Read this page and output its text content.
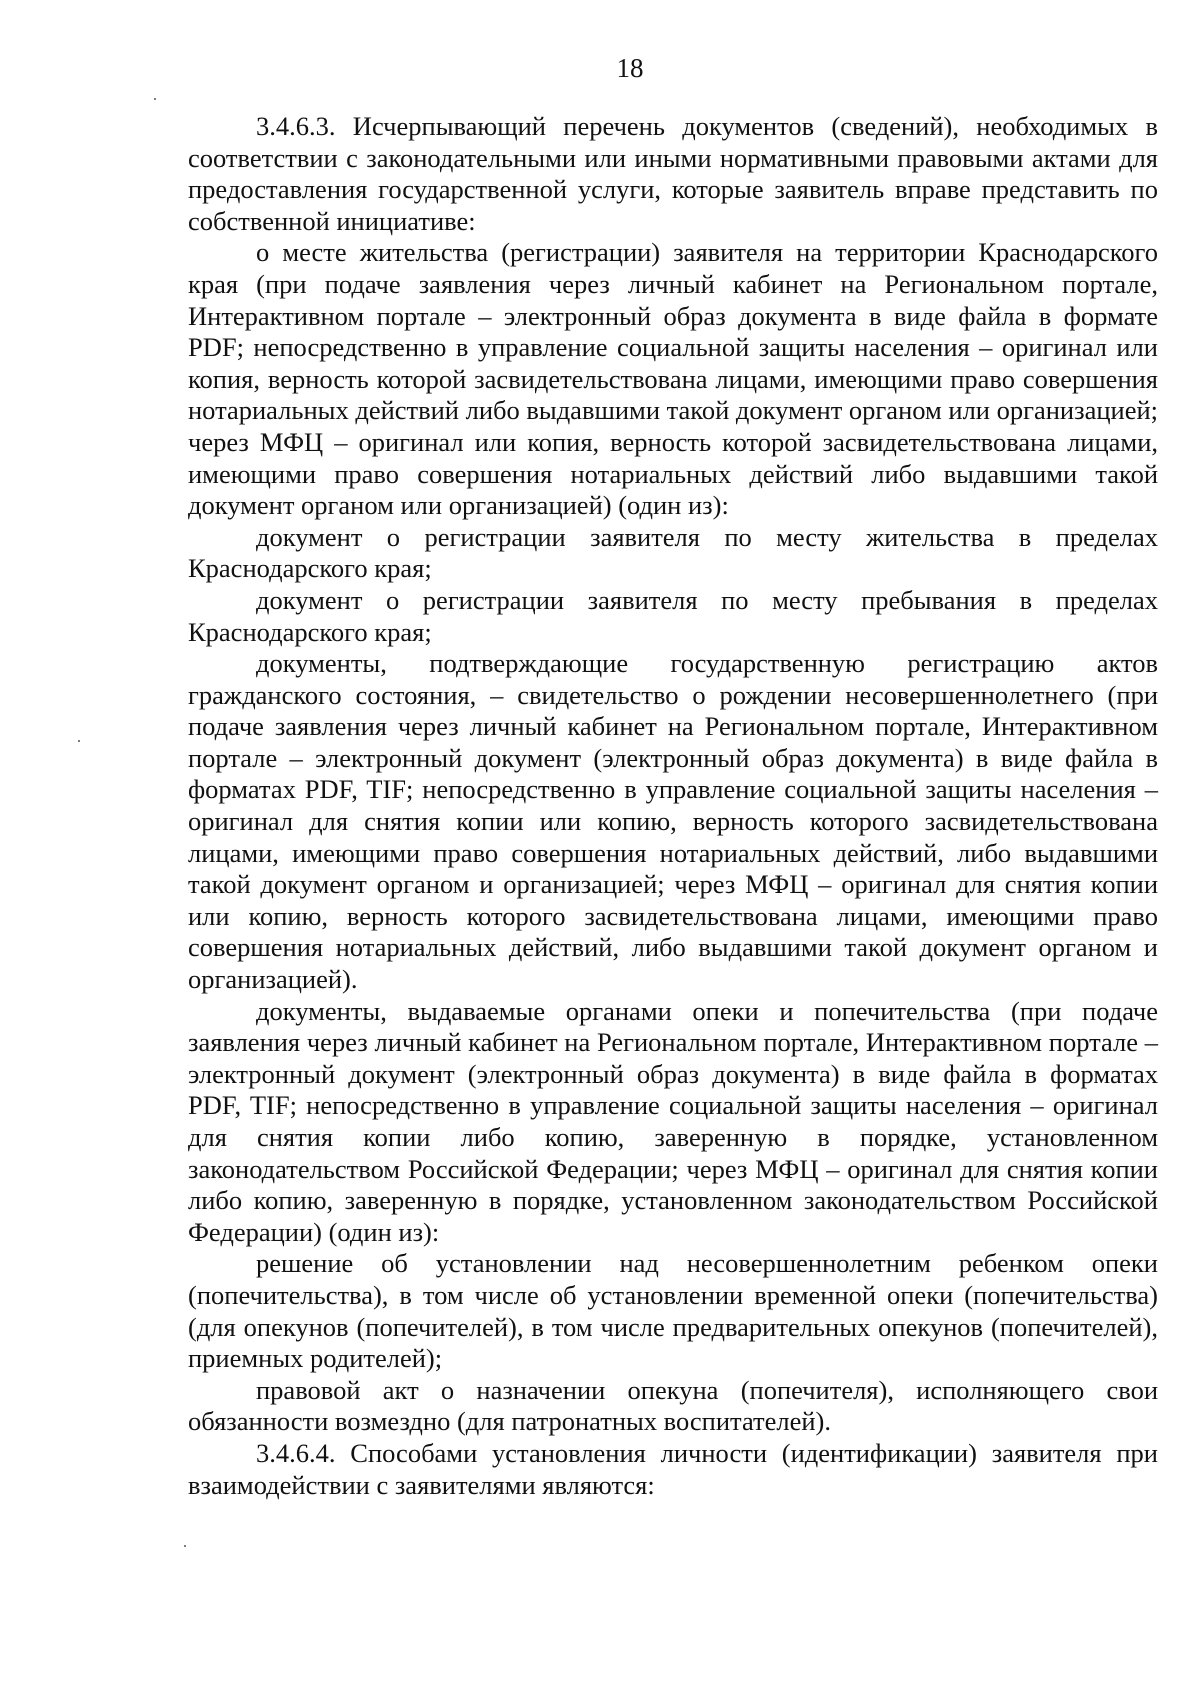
18

3.4.6.3. Исчерпывающий перечень документов (сведений), необходимых в соответствии с законодательными или иными нормативными правовыми актами для предоставления государственной услуги, которые заявитель вправе представить по собственной инициативе:

о месте жительства (регистрации) заявителя на территории Краснодарского края (при подаче заявления через личный кабинет на Региональном портале, Интерактивном портале – электронный образ документа в виде файла в формате PDF; непосредственно в управление социальной защиты населения – оригинал или копия, верность которой засвидетельствована лицами, имеющими право совершения нотариальных действий либо выдавшими такой документ органом или организацией; через МФЦ – оригинал или копия, верность которой засвидетельствована лицами, имеющими право совершения нотариальных действий либо выдавшими такой документ органом или организацией) (один из):

документ о регистрации заявителя по месту жительства в пределах Краснодарского края;

документ о регистрации заявителя по месту пребывания в пределах Краснодарского края;

документы, подтверждающие государственную регистрацию актов гражданского состояния, – свидетельство о рождении несовершеннолетнего (при подаче заявления через личный кабинет на Региональном портале, Интерактивном портале – электронный документ (электронный образ документа) в виде файла в форматах PDF, TIF; непосредственно в управление социальной защиты населения – оригинал для снятия копии или копию, верность которого засвидетельствована лицами, имеющими право совершения нотариальных действий, либо выдавшими такой документ органом и организацией; через МФЦ – оригинал для снятия копии или копию, верность которого засвидетельствована лицами, имеющими право совершения нотариальных действий, либо выдавшими такой документ органом и организацией).

документы, выдаваемые органами опеки и попечительства (при подаче заявления через личный кабинет на Региональном портале, Интерактивном портале – электронный документ (электронный образ документа) в виде файла в форматах PDF, TIF; непосредственно в управление социальной защиты населения – оригинал для снятия копии либо копию, заверенную в порядке, установленном законодательством Российской Федерации; через МФЦ – оригинал для снятия копии либо копию, заверенную в порядке, установленном законодательством Российской Федерации) (один из):

решение об установлении над несовершеннолетним ребенком опеки (попечительства), в том числе об установлении временной опеки (попечительства) (для опекунов (попечителей), в том числе предварительных опекунов (попечителей), приемных родителей);

правовой акт о назначении опекуна (попечителя), исполняющего свои обязанности возмездно (для патронатных воспитателей).

3.4.6.4. Способами установления личности (идентификации) заявителя при взаимодействии с заявителями являются:
